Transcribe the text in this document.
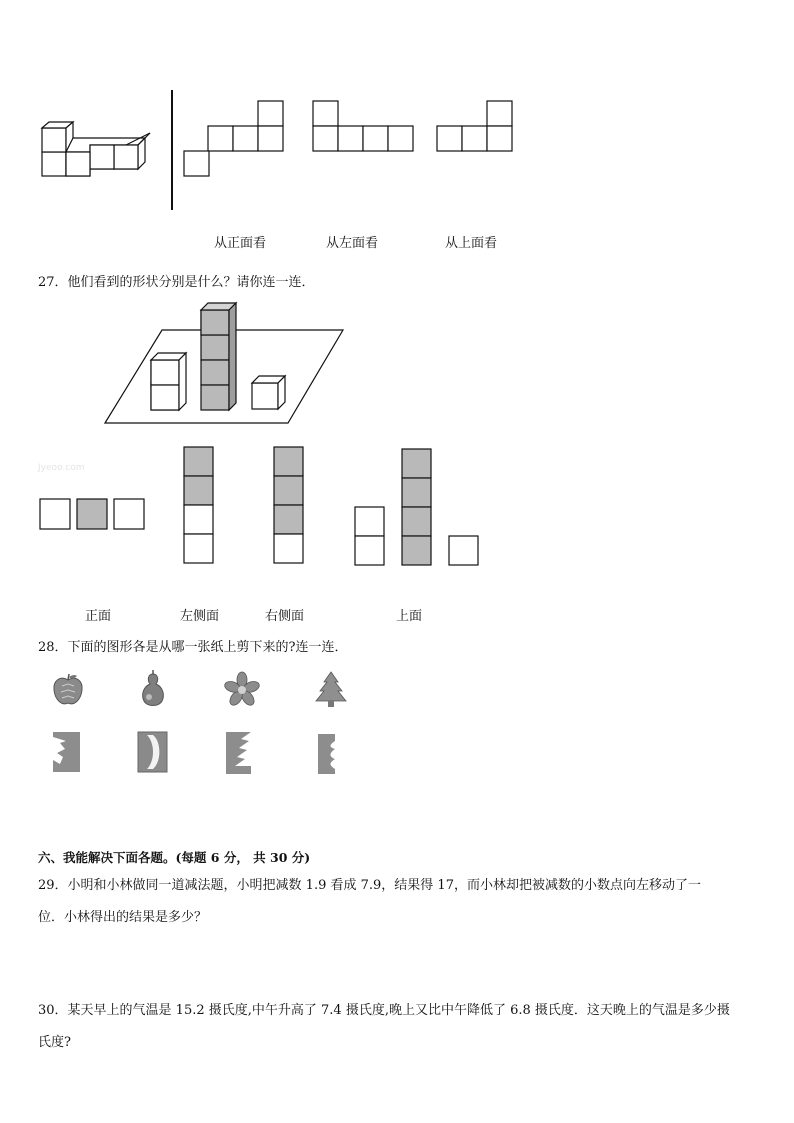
从正面看	从左面看	从上面看
27．他们看到的形状分别是什么？请你连一连．
Jyeoo.com
正面	左侧面	右侧面	上面
28．下面的图形各是从哪一张纸上剪下来的?连一连．
六、我能解决下面各题。(每题 6 分， 共 30 分)
29．小明和小林做同一道减法题，小明把减数 1.9 看成 7.9，结果得 17，而小林却把被减数的小数点向左移动了一
位．小林得出的结果是多少？
30．某天早上的气温是 15.2 摄氏度,中午升高了 7.4 摄氏度,晚上又比中午降低了 6.8 摄氏度．这天晚上的气温是多少摄
氏度?
